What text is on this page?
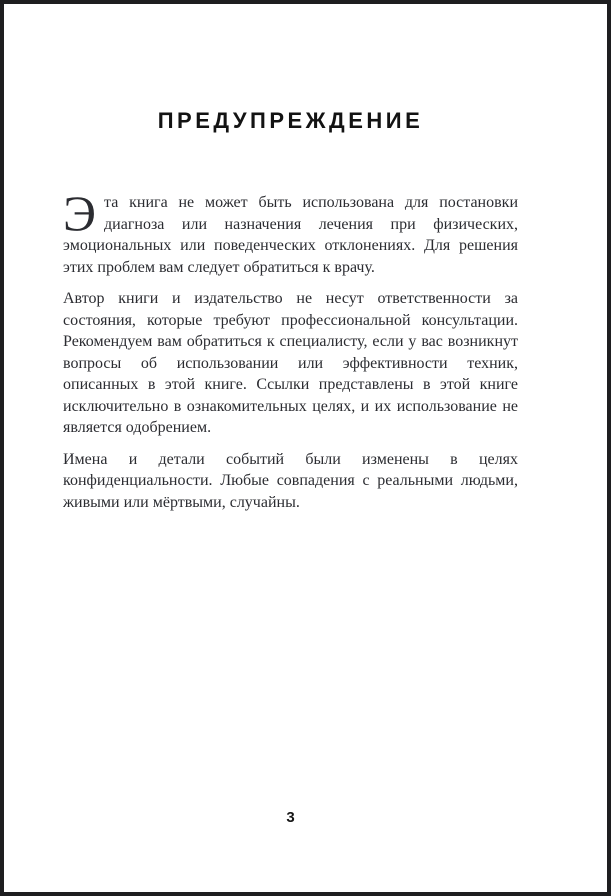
ПРЕДУПРЕЖДЕНИЕ

Эта книга не может быть использована для постановки диагноза или назначения лечения при физических, эмоциональных или поведенческих отклонениях. Для решения этих проблем вам следует обратиться к врачу.

Автор книги и издательство не несут ответственности за состояния, которые требуют профессиональной консультации. Рекомендуем вам обратиться к специалисту, если у вас возникнут вопросы об использовании или эффективности техник, описанных в этой книге. Ссылки представлены в этой книге исключительно в ознакомительных целях, и их использование не является одобрением.

Имена и детали событий были изменены в целях конфиденциальности. Любые совпадения с реальными людьми, живыми или мёртвыми, случайны.

3
